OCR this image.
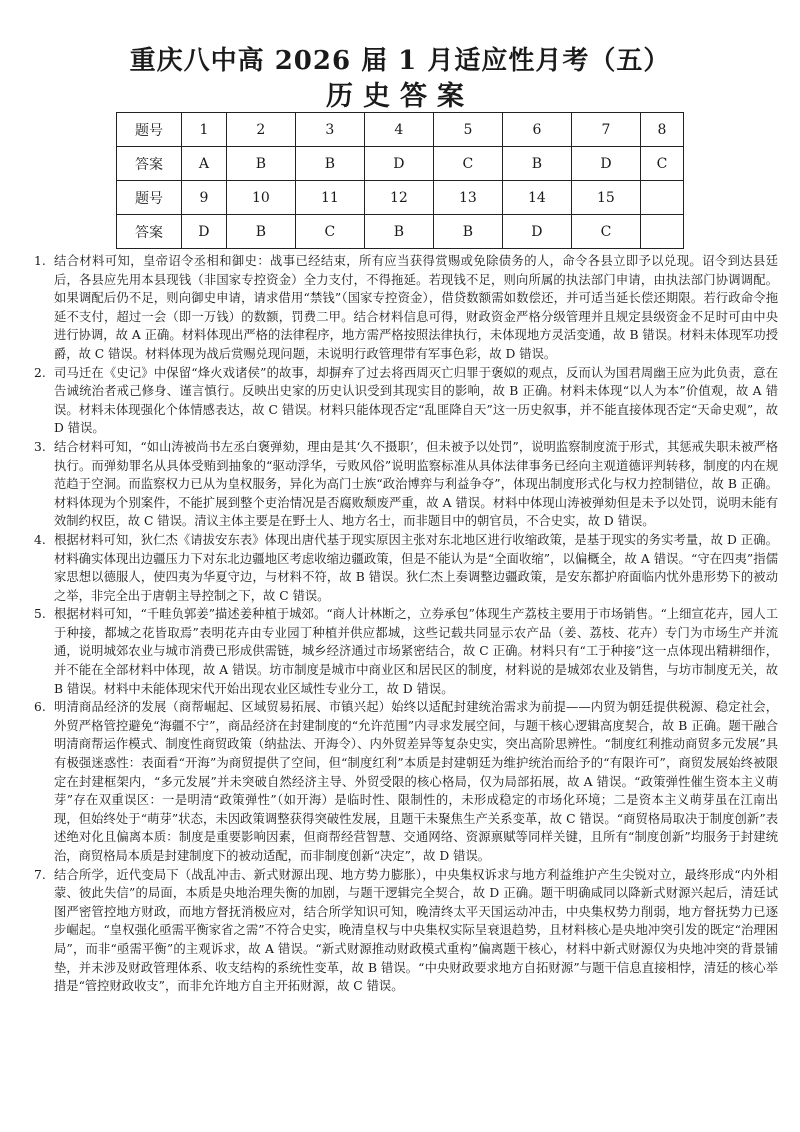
重庆八中高 2026 届 1 月适应性月考（五）
历史答案
题号	1	2	3	4	5	6	7	8
答案	A	B	B	D	C	B	D	C
题号	9	10	11	12	13	14	15	
答案	D	B	C	B	B	D	C	
1. 结合材料可知，皇帝诏令丞相和御史：战事已经结束，所有应当获得赏赐或免除债务的人，命令各县立即予以兑现。诏令到达县廷后，各县应先用本县现钱（非国家专控资金）全力支付，不得拖延。若现钱不足，则向所属的执法部门申请，由执法部门协调调配。如果调配后仍不足，则向御史申请，请求借用“禁钱”（国家专控资金），借贷数额需如数偿还，并可适当延长偿还期限。若行政命令拖延不支付，超过一会（即一万钱）的数额，罚费二甲。结合材料信息可得，财政资金严格分级管理并且规定县级资金不足时可由中央进行协调，故 A 正确。材料体现出严格的法律程序，地方需严格按照法律执行，未体现地方灵活变通，故 B 错误。材料未体现军功授爵，故 C 错误。材料体现为战后赏赐兑现问题，未说明行政管理带有军事色彩，故 D 错误。
2. 司马迁在《史记》中保留“烽火戏诸侯”的故事，却摒弃了过去将西周灭亡归罪于褒姒的观点，反而认为国君周幽王应为此负责，意在告诫统治者戒己修身、谨言慎行。反映出史家的历史认识受到其现实目的影响，故 B 正确。材料未体现“以人为本”价值观，故 A 错误。材料未体现强化个体情感表达，故 C 错误。材料只能体现否定“乱匪降自天”这一历史叙事，并不能直接体现否定“天命史观”，故 D 错误。
3. 结合材料可知，“如山涛被尚书左丞白褒弹劾，理由是其‘久不摄职’，但未被予以处罚”，说明监察制度流于形式，其惩戒失职未被严格执行。而弹劾罪名从具体受贿到抽象的“驱动浮华，亏败风俗”说明监察标准从具体法律事务已经向主观道德评判转移，制度的内在规范趋于空洞。而监察权力已从为皇权服务，异化为高门士族“政治博弈与利益争夺”，体现出制度形式化与权力控制错位，故 B 正确。材料体现为个别案件，不能扩展到整个吏治情况是否腐败颓废严重，故 A 错误。材料中体现山涛被弹劾但是未予以处罚，说明未能有效制约权臣，故 C 错误。清议主体主要是在野士人、地方名士，而非题目中的朝官员，不合史实，故 D 错误。
4. 根据材料可知，狄仁杰《请拔安东表》体现出唐代基于现实原因主张对东北地区进行收缩政策，是基于现实的务实考量，故 D 正确。材料确实体现出边疆压力下对东北边疆地区考虑收缩边疆政策，但是不能认为是“全面收缩”，以偏概全，故 A 错误。“守在四夷”指儒家思想以德服人，使四夷为华夏守边，与材料不符，故 B 错误。狄仁杰上奏调整边疆政策，是安东都护府面临内忧外患形势下的被动之举，非完全出于唐朝主导控制之下，故 C 错误。
5. 根据材料可知，“千畦负郭姜”描述姜种植于城郊。“商人计林断之，立券承包”体现生产荔枝主要用于市场销售。“上细宣花卉，园人工于种接，都城之花皆取焉”表明花卉由专业园丁种植并供应都城，这些记载共同显示农产品（姜、荔枝、花卉）专门为市场生产并流通，说明城郊农业与城市消费已形成供需链，城乡经济通过市场紧密结合，故 C 正确。材料只有“工于种接”这一点体现出精耕细作，并不能在全部材料中体现，故 A 错误。坊市制度是城市中商业区和居民区的制度，材料说的是城郊农业及销售，与坊市制度无关，故 B 错误。材料中未能体现宋代开始出现农业区域性专业分工，故 D 错误。
6. 明清商品经济的发展（商帮崛起、区域贸易拓展、市镇兴起）始终以适配封建统治需求为前提——内贸为朝廷提供税源、稳定社会，外贸严格管控避免“海疆不宁”，商品经济在封建制度的“允许范围”内寻求发展空间，与题干核心逻辑高度契合，故 B 正确。题干融合明清商帮运作模式、制度性商贸政策（纳盐法、开海令）、内外贸差异等复杂史实，突出高阶思辨性。“制度红利推动商贸多元发展”具有极强迷惑性：表面看“开海”为商贸提供了空间，但“制度红利”本质是封建朝廷为维护统治而给予的“有限许可”，商贸发展始终被限定在封建框架内，“多元发展”并未突破自然经济主导、外贸受限的核心格局，仅为局部拓展，故 A 错误。“政策弹性催生资本主义萌芽”存在双重误区：一是明清“政策弹性”（如开海）是临时性、限制性的，未形成稳定的市场化环境；二是资本主义萌芽虽在江南出现，但始终处于“萌芽”状态，未因政策调整获得突破性发展，且题干未聚焦生产关系变革，故 C 错误。“商贸格局取决于制度创新”表述绝对化且偏离本质：制度是重要影响因素，但商帮经营智慧、交通网络、资源禀赋等同样关键，且所有“制度创新”均服务于封建统治，商贸格局本质是封建制度下的被动适配，而非制度创新“决定”，故 D 错误。
7. 结合所学，近代变局下（战乱冲击、新式财源出现、地方势力膨胀），中央集权诉求与地方利益维护产生尖锐对立，最终形成“内外相蒙、彼此失信”的局面，本质是央地治理失衡的加剧，与题干逻辑完全契合，故 D 正确。题干明确咸同以降新式财源兴起后，清廷试图严密管控地方财政，而地方督抚消极应对，结合所学知识可知，晚清终太平天国运动冲击，中央集权势力削弱，地方督抚势力已逐步崛起。“皇权强化亟需平衡家省之需”不符合史实，晚清皇权与中央集权实际呈衰退趋势，且材料核心是央地冲突引发的既定“治理困局”，而非“亟需平衡”的主观诉求，故 A 错误。“新式财源推动财政模式重构”偏离题干核心，材料中新式财源仅为央地冲突的背景铺垫，并未涉及财政管理体系、收支结构的系统性变革，故 B 错误。“中央财政要求地方自拓财源”与题干信息直接相悖，清廷的核心举措是“管控财政收支”，而非允许地方自主开拓财源，故 C 错误。
